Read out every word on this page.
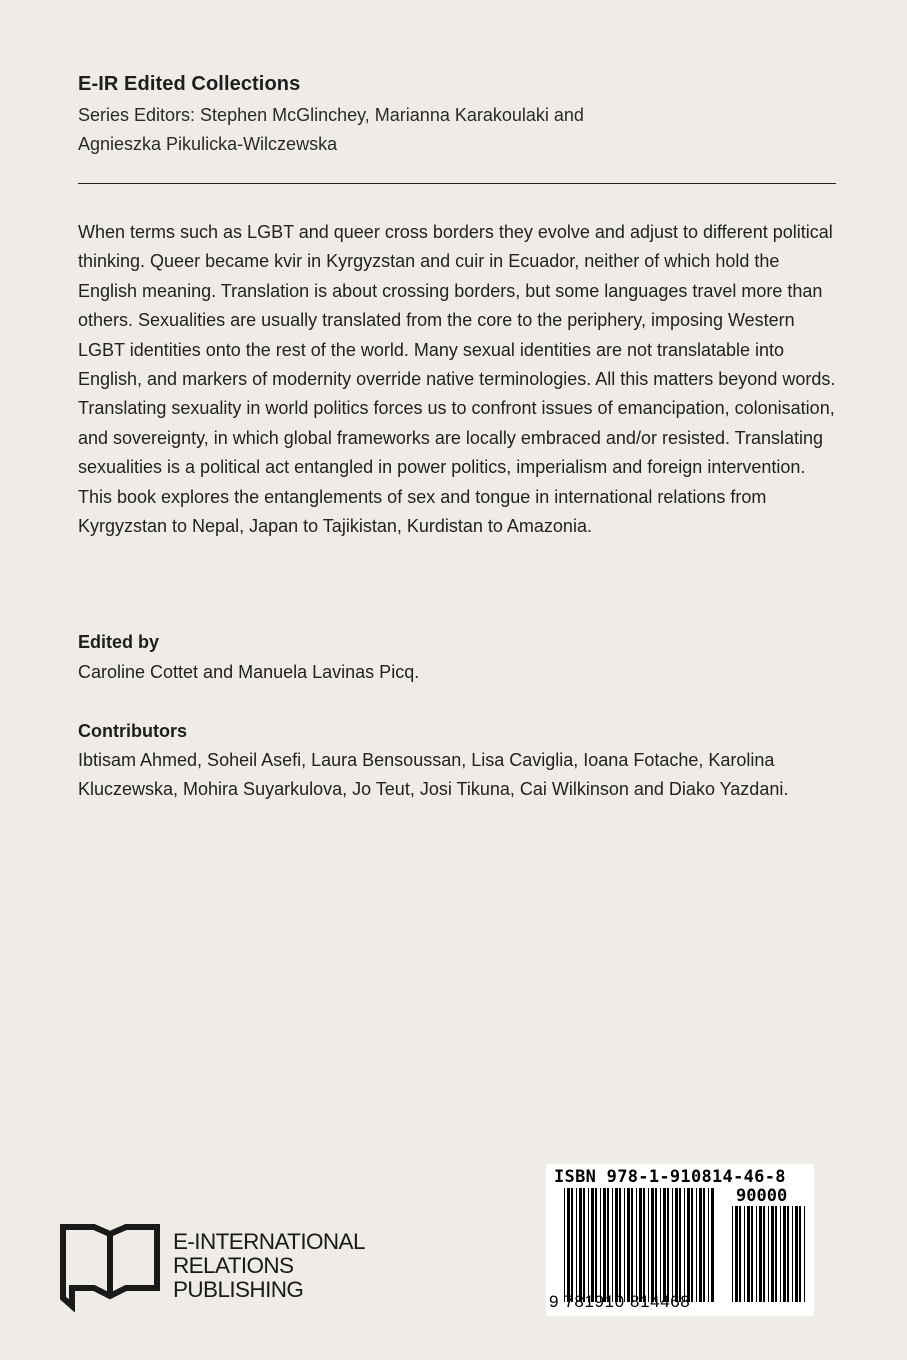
E-IR Edited Collections
Series Editors: Stephen McGlinchey, Marianna Karakoulaki and
Agnieszka Pikulicka-Wilczewska

When terms such as LGBT and queer cross borders they evolve and adjust to different political thinking. Queer became kvir in Kyrgyzstan and cuir in Ecuador, neither of which hold the English meaning. Translation is about crossing borders, but some languages travel more than others. Sexualities are usually translated from the core to the periphery, imposing Western LGBT identities onto the rest of the world. Many sexual identities are not translatable into English, and markers of modernity override native terminologies. All this matters beyond words. Translating sexuality in world politics forces us to confront issues of emancipation, colonisation, and sovereignty, in which global frameworks are locally embraced and/or resisted. Translating sexualities is a political act entangled in power politics, imperialism and foreign intervention. This book explores the entanglements of sex and tongue in international relations from Kyrgyzstan to Nepal, Japan to Tajikistan, Kurdistan to Amazonia.

Edited by
Caroline Cottet and Manuela Lavinas Picq.
Contributors
Ibtisam Ahmed, Soheil Asefi, Laura Bensoussan, Lisa Caviglia, Ioana Fotache, Karolina Kluczewska, Mohira Suyarkulova, Jo Teut, Josi Tikuna, Cai Wilkinson and Diako Yazdani.
E-INTERNATIONAL
RELATIONS
PUBLISHING
ISBN 978-1-910814-46-8
90000
9 781910 814468
